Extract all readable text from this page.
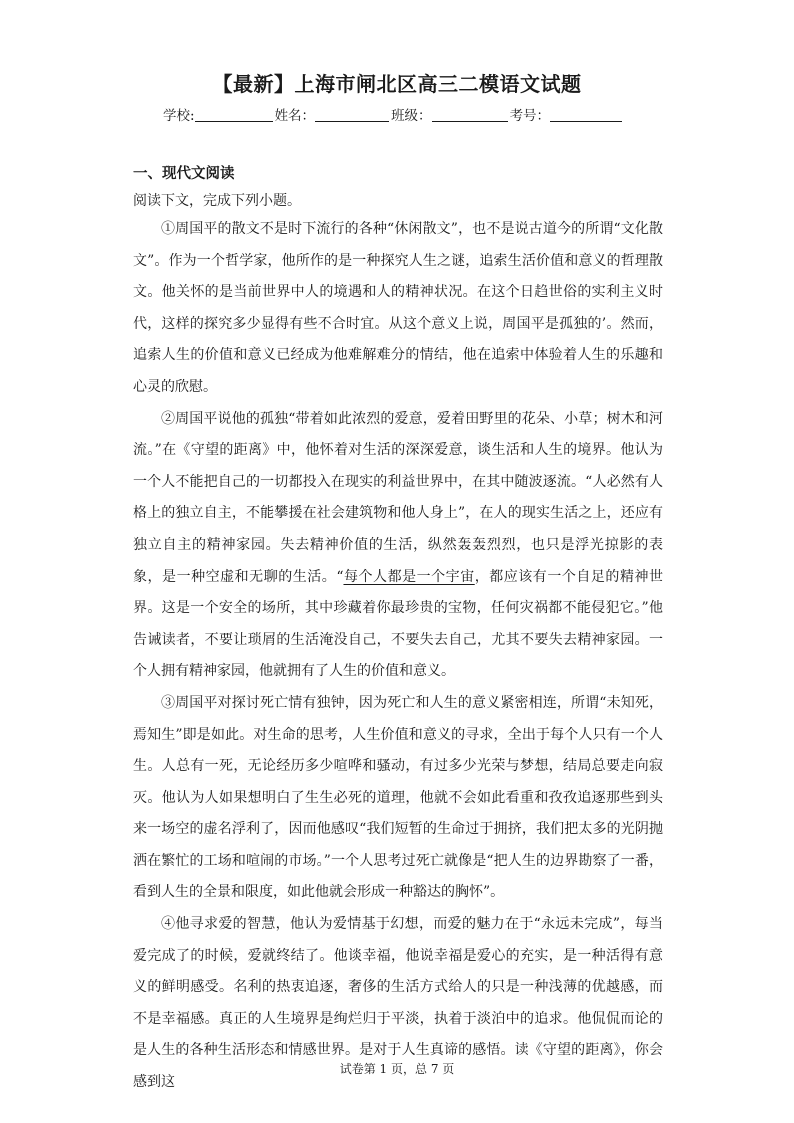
【最新】上海市闸北区高三二模语文试题
学校:	姓名：	班级：	考号：
一、现代文阅读
阅读下文，完成下列小题。

①周国平的散文不是时下流行的各种“休闲散文”，也不是说古道今的所谓“文化散文”。作为一个哲学家，他所作的是一种探究人生之谜，追索生活价值和意义的哲理散文。他关怀的是当前世界中人的境遇和人的精神状况。在这个日趋世俗的实利主义时代，这样的探究多少显得有些不合时宜。从这个意义上说，周国平是孤独的’。然而，追索人生的价值和意义已经成为他难解难分的情结，他在追索中体验着人生的乐趣和心灵的欣慰。

②周国平说他的孤独“带着如此浓烈的爱意，爱着田野里的花朵、小草；树木和河流。”在《守望的距离》中，他怀着对生活的深深爱意，谈生活和人生的境界。他认为一个人不能把自己的一切都投入在现实的利益世界中，在其中随波逐流。“人必然有人格上的独立自主，不能攀援在社会建筑物和他人身上”，在人的现实生活之上，还应有独立自主的精神家园。失去精神价值的生活，纵然轰轰烈烈，也只是浮光掠影的表象，是一种空虚和无聊的生活。“每个人都是一个宇宙，都应该有一个自足的精神世界。这是一个安全的场所，其中珍藏着你最珍贵的宝物，任何灾祸都不能侵犯它。”他告诫读者，不要让琐屑的生活淹没自己，不要失去自己，尤其不要失去精神家园。一个人拥有精神家园，他就拥有了人生的价值和意义。

③周国平对探讨死亡情有独钟，因为死亡和人生的意义紧密相连，所谓“未知死，焉知生”即是如此。对生命的思考，人生价值和意义的寻求，全出于每个人只有一个人生。人总有一死，无论经历多少喧哗和骚动，有过多少光荣与梦想，结局总要走向寂灭。他认为人如果想明白了生生必死的道理，他就不会如此看重和孜孜追逐那些到头来一场空的虚名浮利了，因而他感叹“我们短暂的生命过于拥挤，我们把太多的光阴抛洒在繁忙的工场和喧闹的市场。”一个人思考过死亡就像是“把人生的边界勘察了一番，看到人生的全景和限度，如此他就会形成一种豁达的胸怀”。

④他寻求爱的智慧，他认为爱情基于幻想，而爱的魅力在于“永远未完成”，每当爱完成了的时候，爱就终结了。他谈幸福，他说幸福是爱心的充实，是一种活得有意义的鲜明感受。名利的热衷追逐，奢侈的生活方式给人的只是一种浅薄的优越感，而不是幸福感。真正的人生境界是绚烂归于平淡，执着于淡泊中的追求。他侃侃而论的是人生的各种生活形态和情感世界。是对于人生真谛的感悟。读《守望的距离》，你会感到这

试卷第 1 页，总 7 页
